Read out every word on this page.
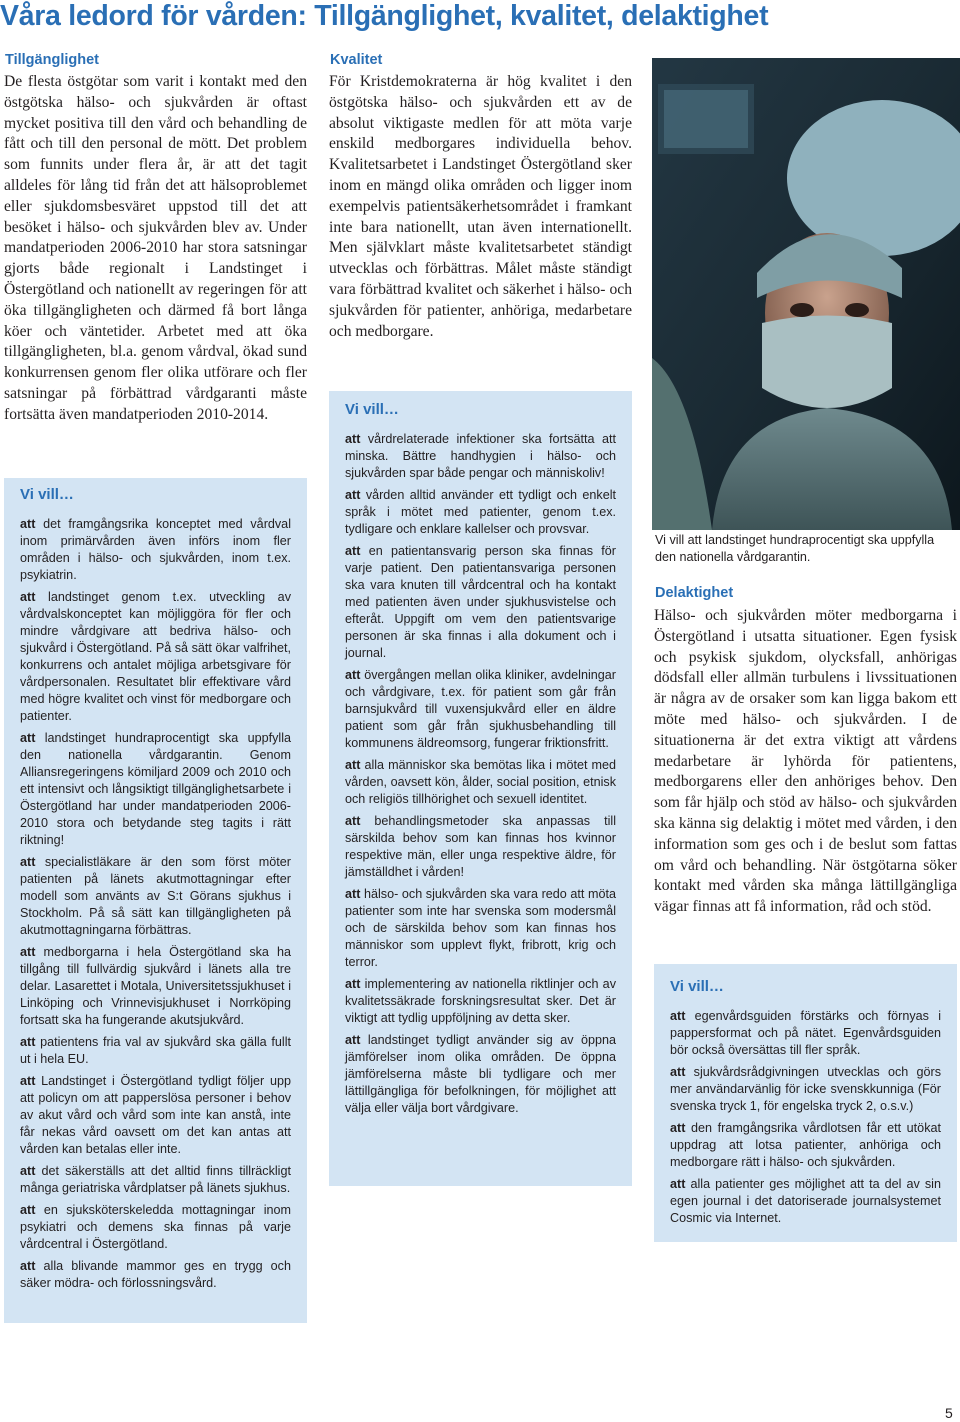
Våra ledord för vården: Tillgänglighet, kvalitet, delaktighet
Tillgänglighet
De flesta östgötar som varit i kontakt med den östgötska hälso- och sjukvården är oftast mycket positiva till den vård och behandling de fått och till den personal de mött. Det problem som funnits under flera år, är att det tagit alldeles för lång tid från det att hälsoproblemet eller sjukdomsbesväret uppstod till det att besöket i hälso- och sjukvården blev av. Under mandatperioden 2006-2010 har stora satsningar gjorts både regionalt i Landstinget i Östergötland och nationellt av regeringen för att öka tillgängligheten och därmed få bort långa köer och väntetider. Arbetet med att öka tillgängligheten, bl.a. genom vårdval, ökad sund konkurrensen genom fler olika utförare och fler satsningar på förbättrad vårdgaranti måste fortsätta även mandatperioden 2010-2014.
Vi vill…
att det framgångsrika konceptet med vårdval inom primärvården även införs inom fler områden i hälso- och sjukvården, inom t.ex. psykiatrin.
att landstinget genom t.ex. utveckling av vårdvalskonceptet kan möjliggöra för fler och mindre vårdgivare att bedriva hälso- och sjukvård i Östergötland. På så sätt ökar valfrihet, konkurrens och antalet möjliga arbetsgivare för vårdpersonalen. Resultatet blir effektivare vård med högre kvalitet och vinst för medborgare och patienter.
att landstinget hundraprocentigt ska uppfylla den nationella vårdgarantin. Genom Alliansregeringens kömiljard 2009 och 2010 och ett intensivt och långsiktigt tillgänglighetsarbete i Östergötland har under mandatperioden 2006-2010 stora och betydande steg tagits i rätt riktning!
att specialistläkare är den som först möter patienten på länets akutmottagningar efter modell som använts av S:t Görans sjukhus i Stockholm. På så sätt kan tillgängligheten på akutmottagningarna förbättras.
att medborgarna i hela Östergötland ska ha tillgång till fullvärdig sjukvård i länets alla tre delar. Lasarettet i Motala, Universitetssjukhuset i Linköping och Vrinnevisjukhuset i Norrköping fortsatt ska ha fungerande akutsjukvård.
att patientens fria val av sjukvård ska gälla fullt ut i hela EU.
att Landstinget i Östergötland tydligt följer upp att policyn om att papperslösa personer i behov av akut vård och vård som inte kan anstå, inte får nekas vård oavsett om det kan antas att vården kan betalas eller inte.
att det säkerställs att det alltid finns tillräckligt många geriatriska vårdplatser på länets sjukhus.
att en sjuksköterskeledda mottagningar inom psykiatri och demens ska finnas på varje vårdcentral i Östergötland.
att alla blivande mammor ges en trygg och säker mödra- och förlossningsvård.
Kvalitet
För Kristdemokraterna är hög kvalitet i den östgötska hälso- och sjukvården ett av de absolut viktigaste medlen för att möta varje enskild medborgares individuella behov. Kvalitetsarbetet i Landstinget Östergötland sker inom en mängd olika områden och ligger inom exempelvis patientsäkerhetsområdet i framkant inte bara nationellt, utan även internationellt. Men självklart måste kvalitetsarbetet ständigt utvecklas och förbättras. Målet måste ständigt vara förbättrad kvalitet och säkerhet i hälso- och sjukvården för patienter, anhöriga, medarbetare och medborgare.
Vi vill…
att vårdrelaterade infektioner ska fortsätta att minska. Bättre handhygien i hälso- och sjukvården spar både pengar och människoliv!
att vården alltid använder ett tydligt och enkelt språk i mötet med patienter, genom t.ex. tydligare och enklare kallelser och provsvar.
att en patientansvarig person ska finnas för varje patient. Den patientansvariga personen ska vara knuten till vårdcentral och ha kontakt med patienten även under sjukhusvistelse och efteråt. Uppgift om vem den patientsvarige personen är ska finnas i alla dokument och i journal.
att övergången mellan olika kliniker, avdelningar och vårdgivare, t.ex. för patient som går från barnsjukvård till vuxensjukvård eller en äldre patient som går från sjukhusbehandling till kommunens äldreomsorg, fungerar friktionsfritt.
att alla människor ska bemötas lika i mötet med vården, oavsett kön, ålder, social position, etnisk och religiös tillhörighet och sexuell identitet.
att behandlingsmetoder ska anpassas till särskilda behov som kan finnas hos kvinnor respektive män, eller unga respektive äldre, för jämställdhet i vården!
att hälso- och sjukvården ska vara redo att möta patienter som inte har svenska som modersmål och de särskilda behov som kan finnas hos människor som upplevt flykt, fribrott, krig och terror.
att implementering av nationella riktlinjer och av kvalitetssäkrade forskningsresultat sker. Det är viktigt att tydlig uppföljning av detta sker.
att landstinget tydligt använder sig av öppna jämförelser inom olika områden. De öppna jämförelserna måste bli tydligare och mer lättillgängliga för befolkningen, för möjlighet att välja eller välja bort vårdgivare.
Vi vill att landstinget hundraprocentigt ska uppfylla den nationella vårdgarantin.
Delaktighet
Hälso- och sjukvården möter medborgarna i Östergötland i utsatta situationer. Egen fysisk och psykisk sjukdom, olycksfall, anhörigas dödsfall eller allmän turbulens i livssituationen är några av de orsaker som kan ligga bakom ett möte med hälso- och sjukvården. I de situationerna är det extra viktigt att vårdens medarbetare är lyhörda för patientens, medborgarens eller den anhöriges behov. Den som får hjälp och stöd av hälso- och sjukvården ska känna sig delaktig i mötet med vården, i den information som ges och i de beslut som fattas om vård och behandling. När östgötarna söker kontakt med vården ska många lättillgängliga vägar finnas att få information, råd och stöd.
Vi vill…
att egenvårdsguiden förstärks och förnyas i pappersformat och på nätet. Egenvårdsguiden bör också översättas till fler språk.
att sjukvårdsrådgivningen utvecklas och görs mer användarvänlig för icke svenskkunniga (För svenska tryck 1, för engelska tryck 2, o.s.v.)
att den framgångsrika vårdlotsen får ett utökat uppdrag att lotsa patienter, anhöriga och medborgare rätt i hälso- och sjukvården.
att alla patienter ges möjlighet att ta del av sin egen journal i det datoriserade journalsystemet Cosmic via Internet.
5
